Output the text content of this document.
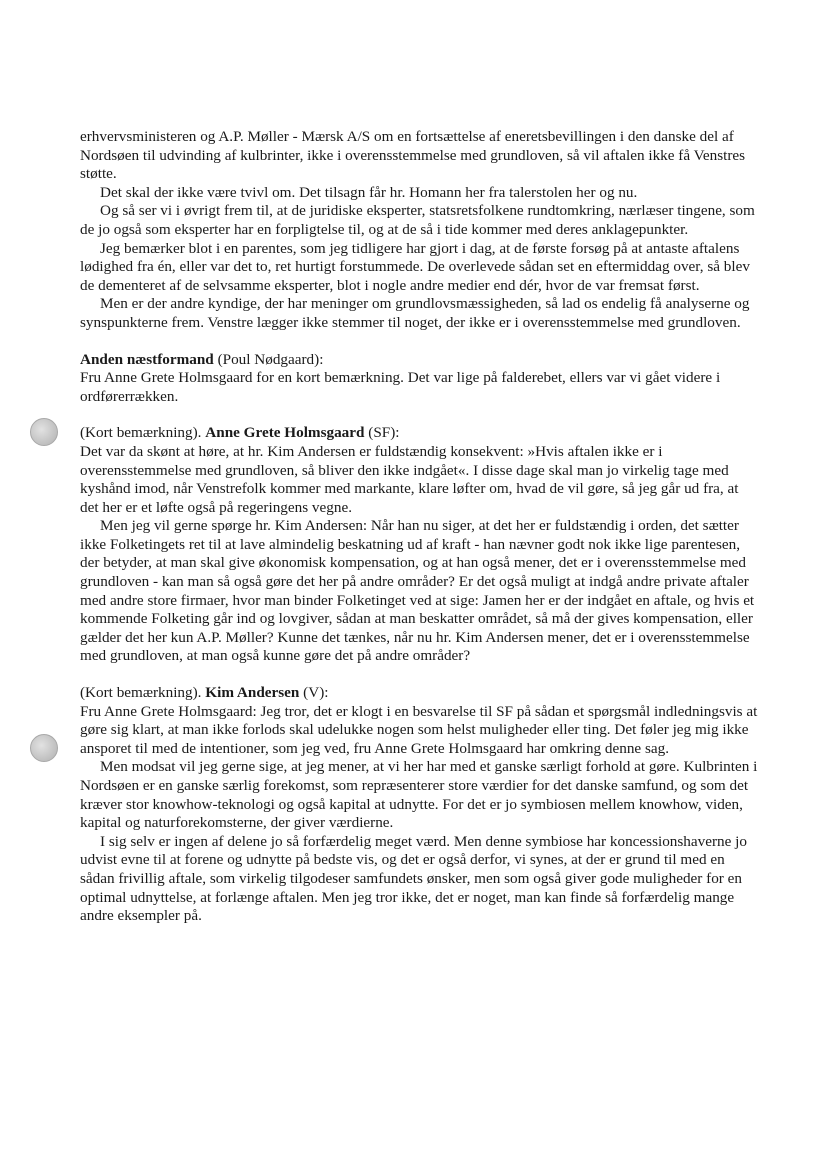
erhvervsministeren og A.P. Møller - Mærsk A/S om en fortsættelse af eneretsbevillingen i den danske del af Nordsøen til udvinding af kulbrinter, ikke i overensstemmelse med grundloven, så vil aftalen ikke få Venstres støtte.

Det skal der ikke være tvivl om. Det tilsagn får hr. Homann her fra talerstolen her og nu.

Og så ser vi i øvrigt frem til, at de juridiske eksperter, statsretsfolkene rundtomkring, nærlæser tingene, som de jo også som eksperter har en forpligtelse til, og at de så i tide kommer med deres anklagepunkter.

Jeg bemærker blot i en parentes, som jeg tidligere har gjort i dag, at de første forsøg på at antaste aftalens lødighed fra én, eller var det to, ret hurtigt forstummede. De overlevede sådan set en eftermiddag over, så blev de dementeret af de selvsamme eksperter, blot i nogle andre medier end dér, hvor de var fremsat først.

Men er der andre kyndige, der har meninger om grundlovsmæssigheden, så lad os endelig få analyserne og synspunkterne frem. Venstre lægger ikke stemmer til noget, der ikke er i overensstemmelse med grundloven.

Anden næstformand (Poul Nødgaard):

Fru Anne Grete Holmsgaard for en kort bemærkning. Det var lige på falderebet, ellers var vi gået videre i ordførerrækken.

(Kort bemærkning). Anne Grete Holmsgaard (SF):

Det var da skønt at høre, at hr. Kim Andersen er fuldstændig konsekvent: »Hvis aftalen ikke er i overensstemmelse med grundloven, så bliver den ikke indgået«. I disse dage skal man jo virkelig tage med kyshånd imod, når Venstrefolk kommer med markante, klare løfter om, hvad de vil gøre, så jeg går ud fra, at det her er et løfte også på regeringens vegne.

Men jeg vil gerne spørge hr. Kim Andersen: Når han nu siger, at det her er fuldstændig i orden, det sætter ikke Folketingets ret til at lave almindelig beskatning ud af kraft - han nævner godt nok ikke lige parentesen, der betyder, at man skal give økonomisk kompensation, og at han også mener, det er i overensstemmelse med grundloven - kan man så også gøre det her på andre områder? Er det også muligt at indgå andre private aftaler med andre store firmaer, hvor man binder Folketinget ved at sige: Jamen her er der indgået en aftale, og hvis et kommende Folketing går ind og lovgiver, sådan at man beskatter området, så må der gives kompensation, eller gælder det her kun A.P. Møller? Kunne det tænkes, når nu hr. Kim Andersen mener, det er i overensstemmelse med grundloven, at man også kunne gøre det på andre områder?

(Kort bemærkning). Kim Andersen (V):

Fru Anne Grete Holmsgaard: Jeg tror, det er klogt i en besvarelse til SF på sådan et spørgsmål indledningsvis at gøre sig klart, at man ikke forlods skal udelukke nogen som helst muligheder eller ting. Det føler jeg mig ikke ansporet til med de intentioner, som jeg ved, fru Anne Grete Holmsgaard har omkring denne sag.

Men modsat vil jeg gerne sige, at jeg mener, at vi her har med et ganske særligt forhold at gøre. Kulbrinten i Nordsøen er en ganske særlig forekomst, som repræsenterer store værdier for det danske samfund, og som det kræver stor knowhow-teknologi og også kapital at udnytte. For det er jo symbiosen mellem knowhow, viden, kapital og naturforekomsterne, der giver værdierne.

I sig selv er ingen af delene jo så forfærdelig meget værd. Men denne symbiose har koncessionshaverne jo udvist evne til at forene og udnytte på bedste vis, og det er også derfor, vi synes, at der er grund til med en sådan frivillig aftale, som virkelig tilgodeser samfundets ønsker, men som også giver gode muligheder for en optimal udnyttelse, at forlænge aftalen. Men jeg tror ikke, det er noget, man kan finde så forfærdelig mange andre eksempler på.
